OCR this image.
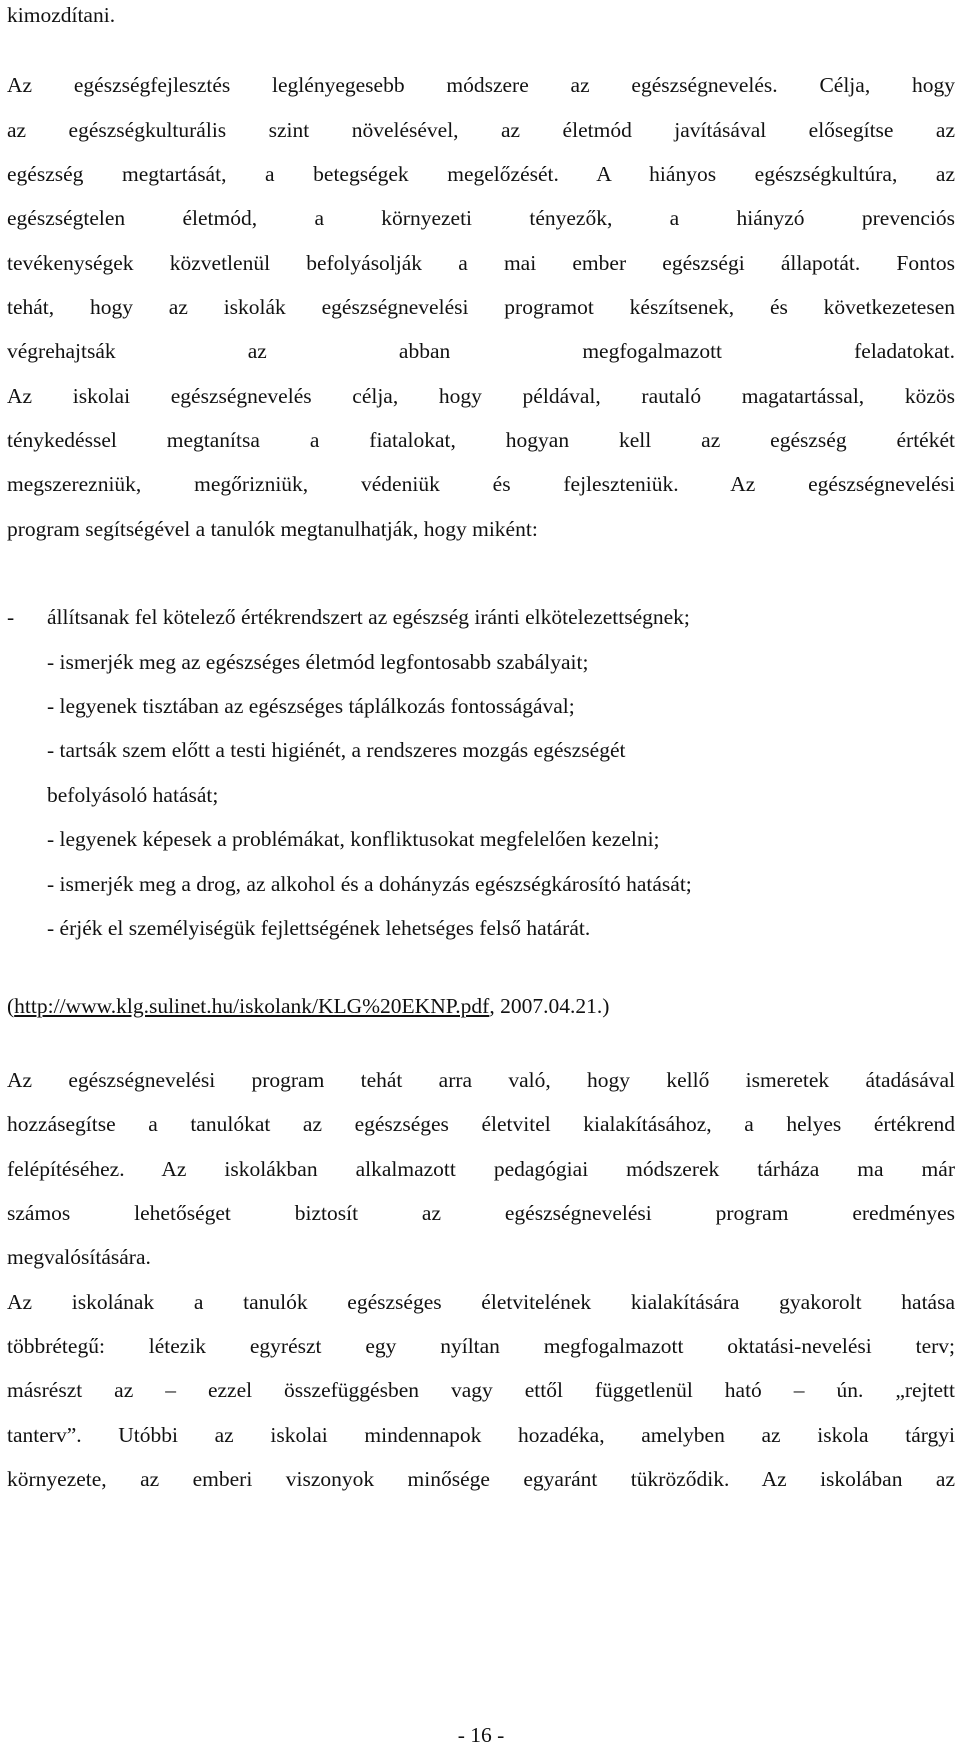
kimozdítani.
Az egészségfejlesztés leglényegesebb módszere az egészségnevelés. Célja, hogy
az egészségkulturális szint növelésével, az életmód javításával elősegítse az
egészség megtartását, a betegségek megelőzését. A hiányos egészségkultúra, az
egészségtelen életmód, a környezeti tényezők, a hiányzó prevenciós
tevékenységek közvetlenül befolyásolják a mai ember egészségi állapotát. Fontos
tehát, hogy az iskolák egészségnevelési programot készítsenek, és következetesen
végrehajtsák az abban megfogalmazott feladatokat.
Az iskolai egészségnevelés célja, hogy példával, rautaló magatartással, közös
ténykedéssel megtanítsa a fiatalokat, hogyan kell az egészség értékét
megszerezniük, megőrizniük, védeniük és fejleszteniük. Az egészségnevelési
program segítségével a tanulók megtanulhatják, hogy miként:
- állítsanak fel kötelező értékrendszert az egészség iránti elkötelezettségnek;
- ismerjék meg az egészséges életmód legfontosabb szabályait;
- legyenek tisztában az egészséges táplálkozás fontosságával;
- tartsák szem előtt a testi higiénét, a rendszeres mozgás egészségét
befolyásoló hatását;
- legyenek képesek a problémákat, konfliktusokat megfelelően kezelni;
- ismerjék meg a drog, az alkohol és a dohányzás egészségkárosító hatását;
- érjék el személyiségük fejlettségének lehetséges felső határát.
(http://www.klg.sulinet.hu/iskolank/KLG%20EKNP.pdf, 2007.04.21.)
Az egészségnevelési program tehát arra való, hogy kellő ismeretek átadásával
hozzásegítse a tanulókat az egészséges életvitel kialakításához, a helyes értékrend
felépítéséhez. Az iskolákban alkalmazott pedagógiai módszerek tárháza ma már
számos lehetőséget biztosít az egészségnevelési program eredményes
megvalósítására.
Az iskolának a tanulók egészséges életvitelének kialakítására gyakorolt hatása
többrétegű: létezik egyrészt egy nyíltan megfogalmazott oktatási-nevelési terv;
másrészt az – ezzel összefüggésben vagy ettől függetlenül ható – ún. „rejtett
tanterv”. Utóbbi az iskolai mindennapok hozadéka, amelyben az iskola tárgyi
környezete, az emberi viszonyok minősége egyaránt tükröződik. Az iskolában az
- 16 -
